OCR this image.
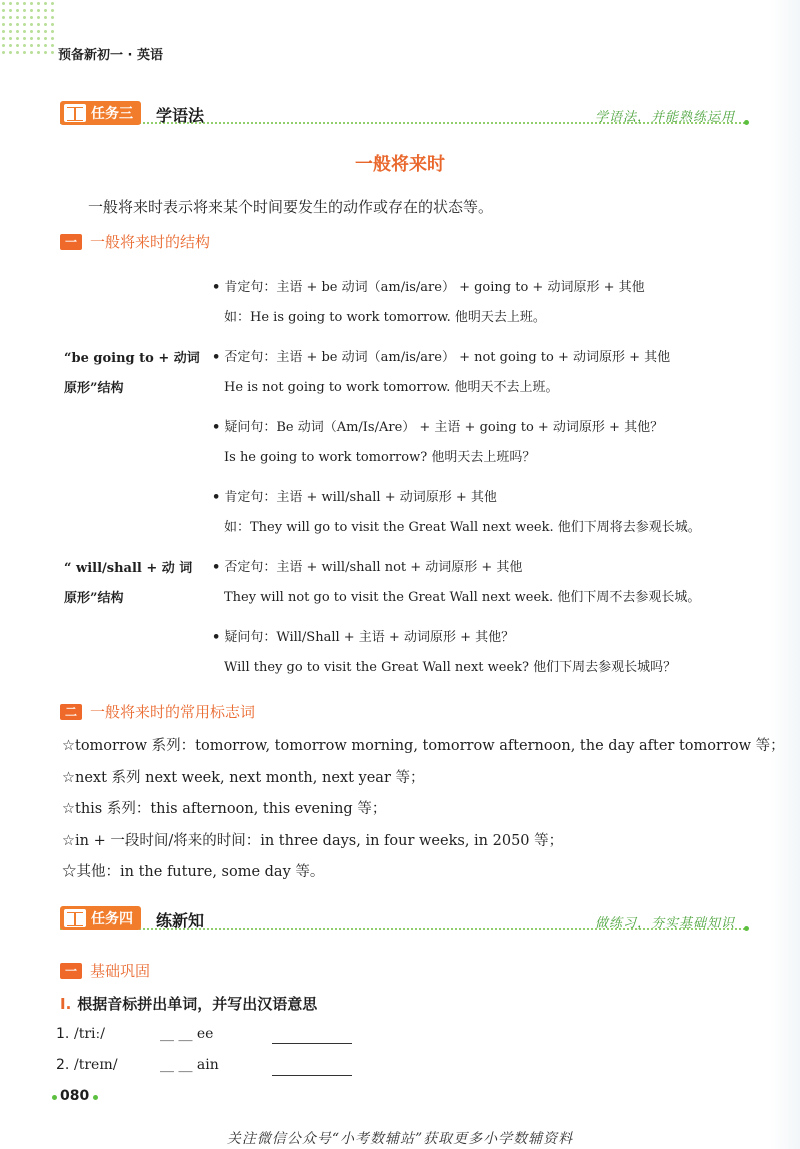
预备新初一 · 英语
任务三 学语法	学语法，并能熟练运用
一般将来时
一般将来时表示将来某个时间要发生的动作或存在的状态等。
一 一般将来时的结构
“be going to + 动词
原形”结构
• 肯定句：主语 + be 动词（am/is/are） + going to + 动词原形 + 其他
如：He is going to work tomorrow. 他明天去上班。
• 否定句：主语 + be 动词（am/is/are） + not going to + 动词原形 + 其他
He is not going to work tomorrow. 他明天不去上班。
• 疑问句：Be 动词（Am/Is/Are） + 主语 + going to + 动词原形 + 其他？
Is he going to work tomorrow? 他明天去上班吗？
“ will/shall + 动 词
原形”结构
• 肯定句：主语 + will/shall + 动词原形 + 其他
如：They will go to visit the Great Wall next week. 他们下周将去参观长城。
• 否定句：主语 + will/shall not + 动词原形 + 其他
They will not go to visit the Great Wall next week. 他们下周不去参观长城。
• 疑问句：Will/Shall + 主语 + 动词原形 + 其他？
Will they go to visit the Great Wall next week? 他们下周去参观长城吗？
二 一般将来时的常用标志词
☆tomorrow 系列：tomorrow, tomorrow morning, tomorrow afternoon, the day after tomorrow 等；
☆next 系列 next week, next month, next year 等；
☆this 系列：this afternoon, this evening 等；
☆in + 一段时间/将来的时间：in three days, in four weeks, in 2050 等；
☆其他：in the future, some day 等。
任务四 练新知	做练习，夯实基础知识
一 基础巩固
Ⅰ. 根据音标拼出单词，并写出汉语意思
1. /triː/	__ __ ee
2. /treɪn/	__ __ ain
080
关注微信公众号“小考数辅站”获取更多小学数辅资料
